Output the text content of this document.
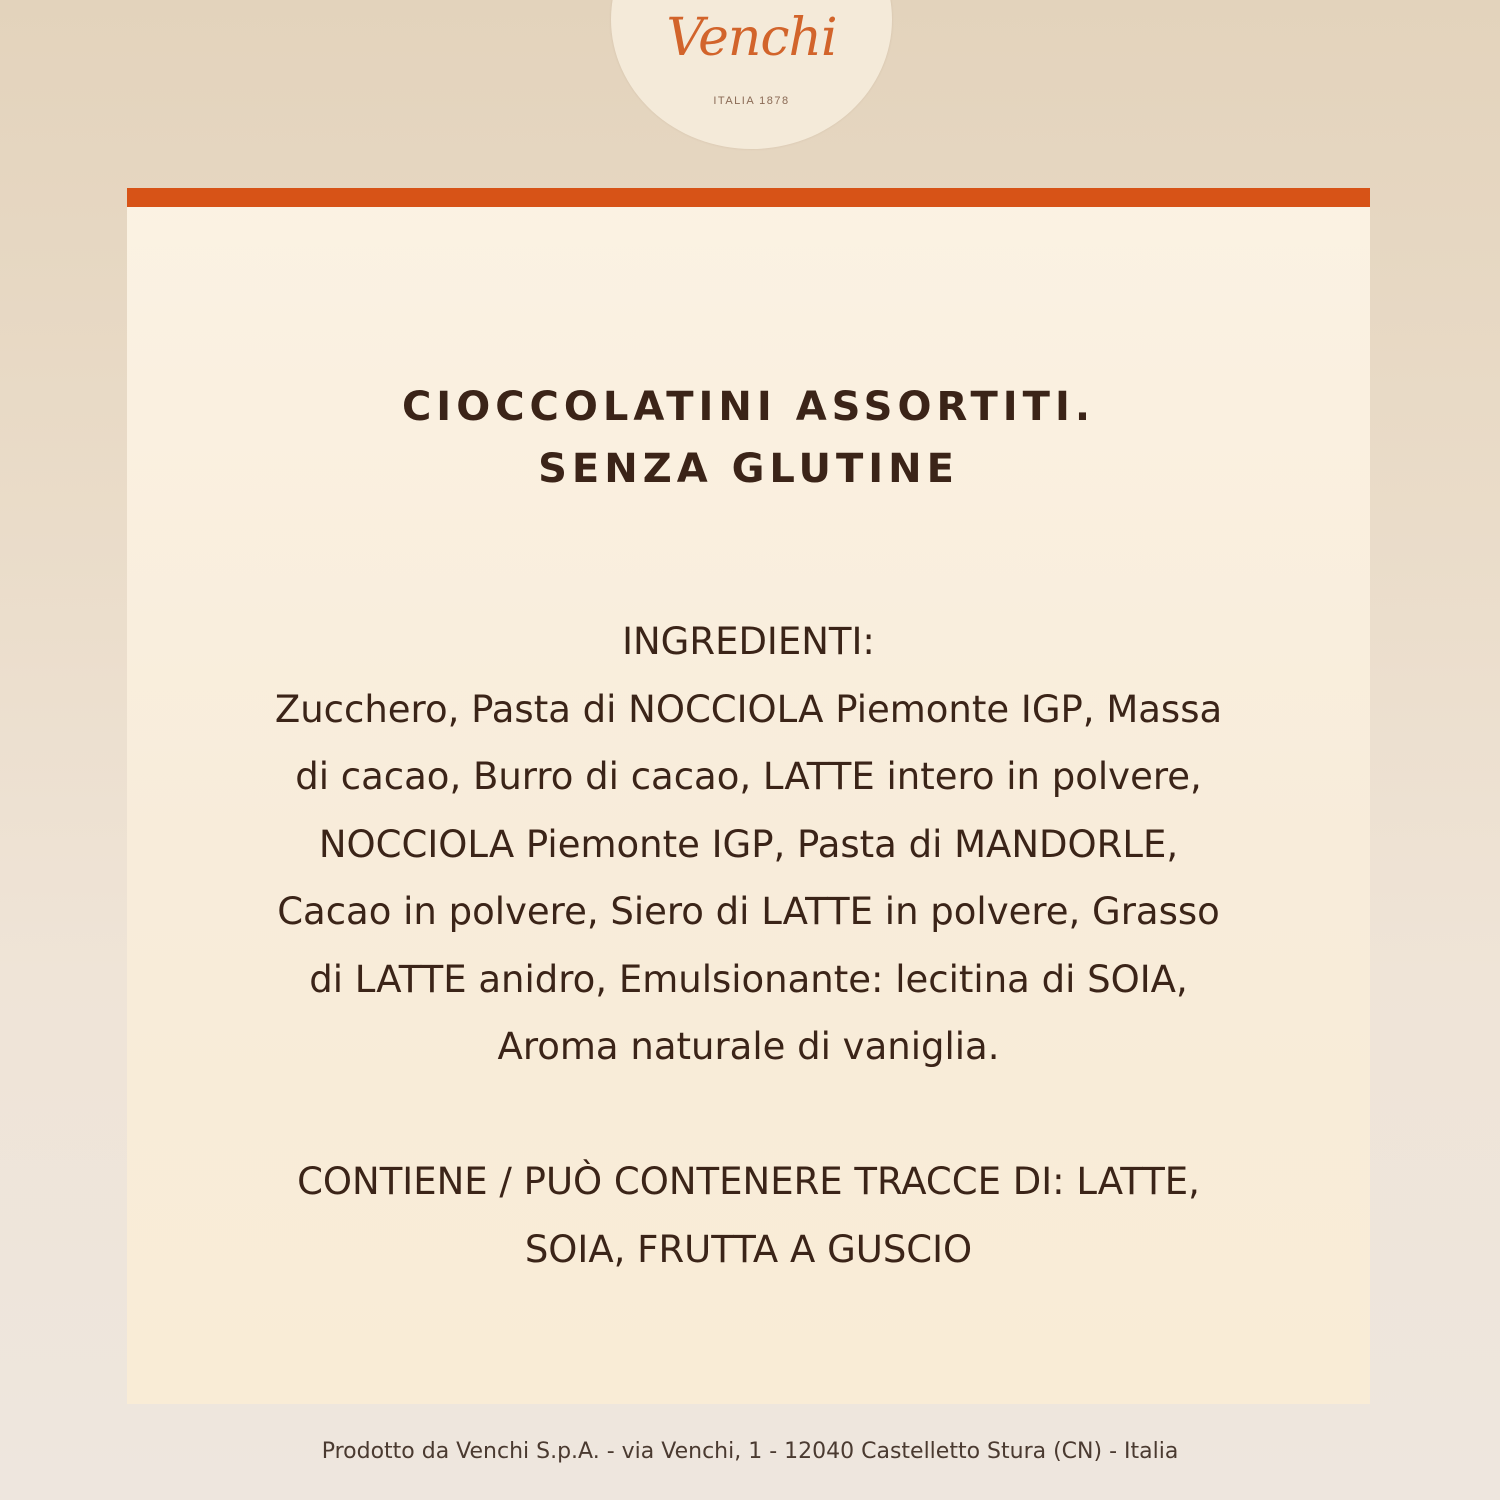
Venchi
ITALIA 1878
CIOCCOLATINI ASSORTITI.
SENZA GLUTINE
INGREDIENTI:
Zucchero, Pasta di NOCCIOLA Piemonte IGP, Massa
di cacao, Burro di cacao, LATTE intero in polvere,
NOCCIOLA Piemonte IGP, Pasta di MANDORLE,
Cacao in polvere, Siero di LATTE in polvere, Grasso
di LATTE anidro, Emulsionante: lecitina di SOIA,
Aroma naturale di vaniglia.
CONTIENE / PUÒ CONTENERE TRACCE DI: LATTE,
SOIA, FRUTTA A GUSCIO
Prodotto da Venchi S.p.A. - via Venchi, 1 - 12040 Castelletto Stura (CN) - Italia
